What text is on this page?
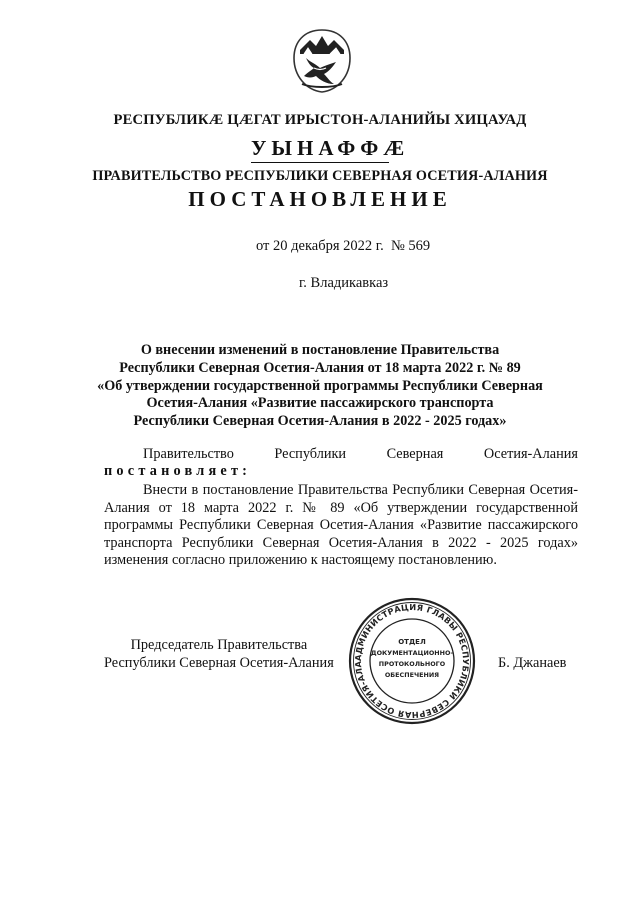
РЕСПУБЛИКÆ ЦÆГАТ ИРЫСТОН-АЛАНИЙЫ ХИЦАУАД
УЫНАФФÆ
ПРАВИТЕЛЬСТВО РЕСПУБЛИКИ СЕВЕРНАЯ ОСЕТИЯ-АЛАНИЯ
ПОСТАНОВЛЕНИЕ
от 20 декабря 2022 г.  № 569
г. Владикавказ
О внесении изменений в постановление Правительства
Республики Северная Осетия-Алания от 18 марта 2022 г. № 89
«Об утверждении государственной программы Республики Северная
Осетия-Алания «Развитие пассажирского транспорта
Республики Северная Осетия-Алания в 2022 - 2025 годах»
Правительство Республики Северная Осетия-Алания
постановляет:
Внести в постановление Правительства Республики Северная Осетия-Алания от 18 марта 2022 г. № 89 «Об утверждении государственной программы Республики Северная Осетия-Алания «Развитие пассажирского транспорта Республики Северная Осетия-Алания в 2022 - 2025 годах» изменения согласно приложению к настоящему постановлению.
Председатель Правительства
Республики Северная Осетия-Алания	Б. Джанаев
АДМИНИСТРАЦИЯ ГЛАВЫ РЕСПУБЛИКИ СЕВЕРНАЯ ОСЕТИЯ-АЛА
ОТДЕЛ
ДОКУМЕНТАЦИОННО-
ПРОТОКОЛЬНОГО
ОБЕСПЕЧЕНИЯ
